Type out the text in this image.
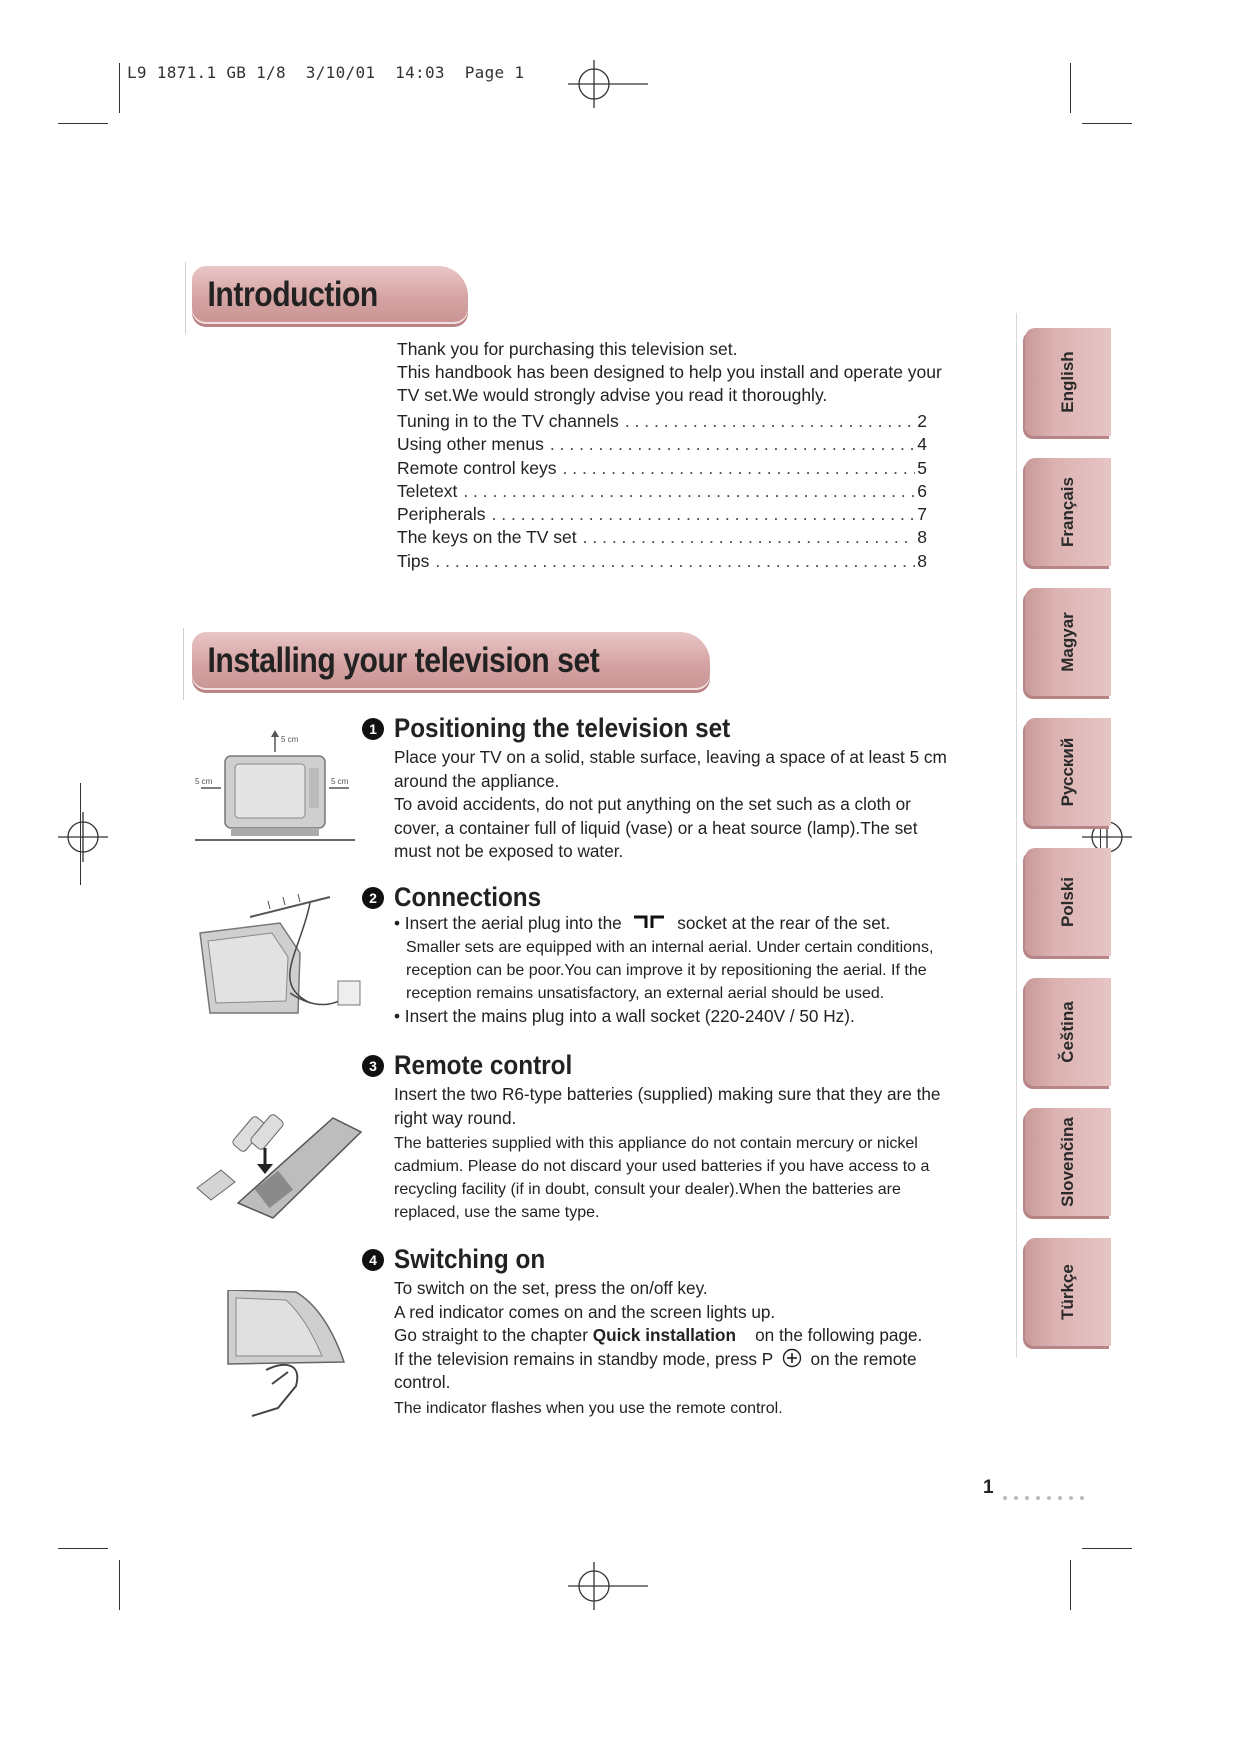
L9 1871.1 GB 1/8  3/10/01  14:03  Page 1
Introduction

Thank you for purchasing this television set.

This handbook has been designed to help you install and operate your

TV set.We would strongly advise you read it thoroughly.

Tuning in to the TV channels . . .	2
Using other menus . . .	4
Remote control keys . . .	5
Teletext . . .	6
Peripherals . . .	7
The keys on the TV set . . .	8
Tips . . .	8
Installing your television set
1 Positioning the television set

Place your TV on a solid, stable surface, leaving a space of at least 5 cm

around the appliance.

To avoid accidents, do not put anything on the set such as a cloth or

cover, a container full of liquid (vase) or a heat source (lamp).The set

must not be exposed to water.

5 cm
5 cm	5 cm
2 Connections

• Insert the aerial plug into the	socket at the rear of the set.

Smaller sets are equipped with an internal aerial. Under certain conditions,

reception can be poor.You can improve it by repositioning the aerial. If the

reception remains unsatisfactory, an external aerial should be used.

• Insert the mains plug into a wall socket (220-240V / 50 Hz).

3 Remote control

Insert the two R6-type batteries (supplied) making sure that they are the

right way round.

The batteries supplied with this appliance do not contain mercury or nickel

cadmium. Please do not discard your used batteries if you have access to a

recycling facility (if in doubt, consult your dealer).When the batteries are

replaced, use the same type.

4 Switching on

To switch on the set, press the on/off key.

A red indicator comes on and the screen lights up.

Go straight to the chapter Quick installation on the following page.

If the television remains in standby mode, press P on the remote

control.

The indicator flashes when you use the remote control.

English
Français
Magyar
Русский
Polski
Čeština
Slovenčina
Türkçe
1
